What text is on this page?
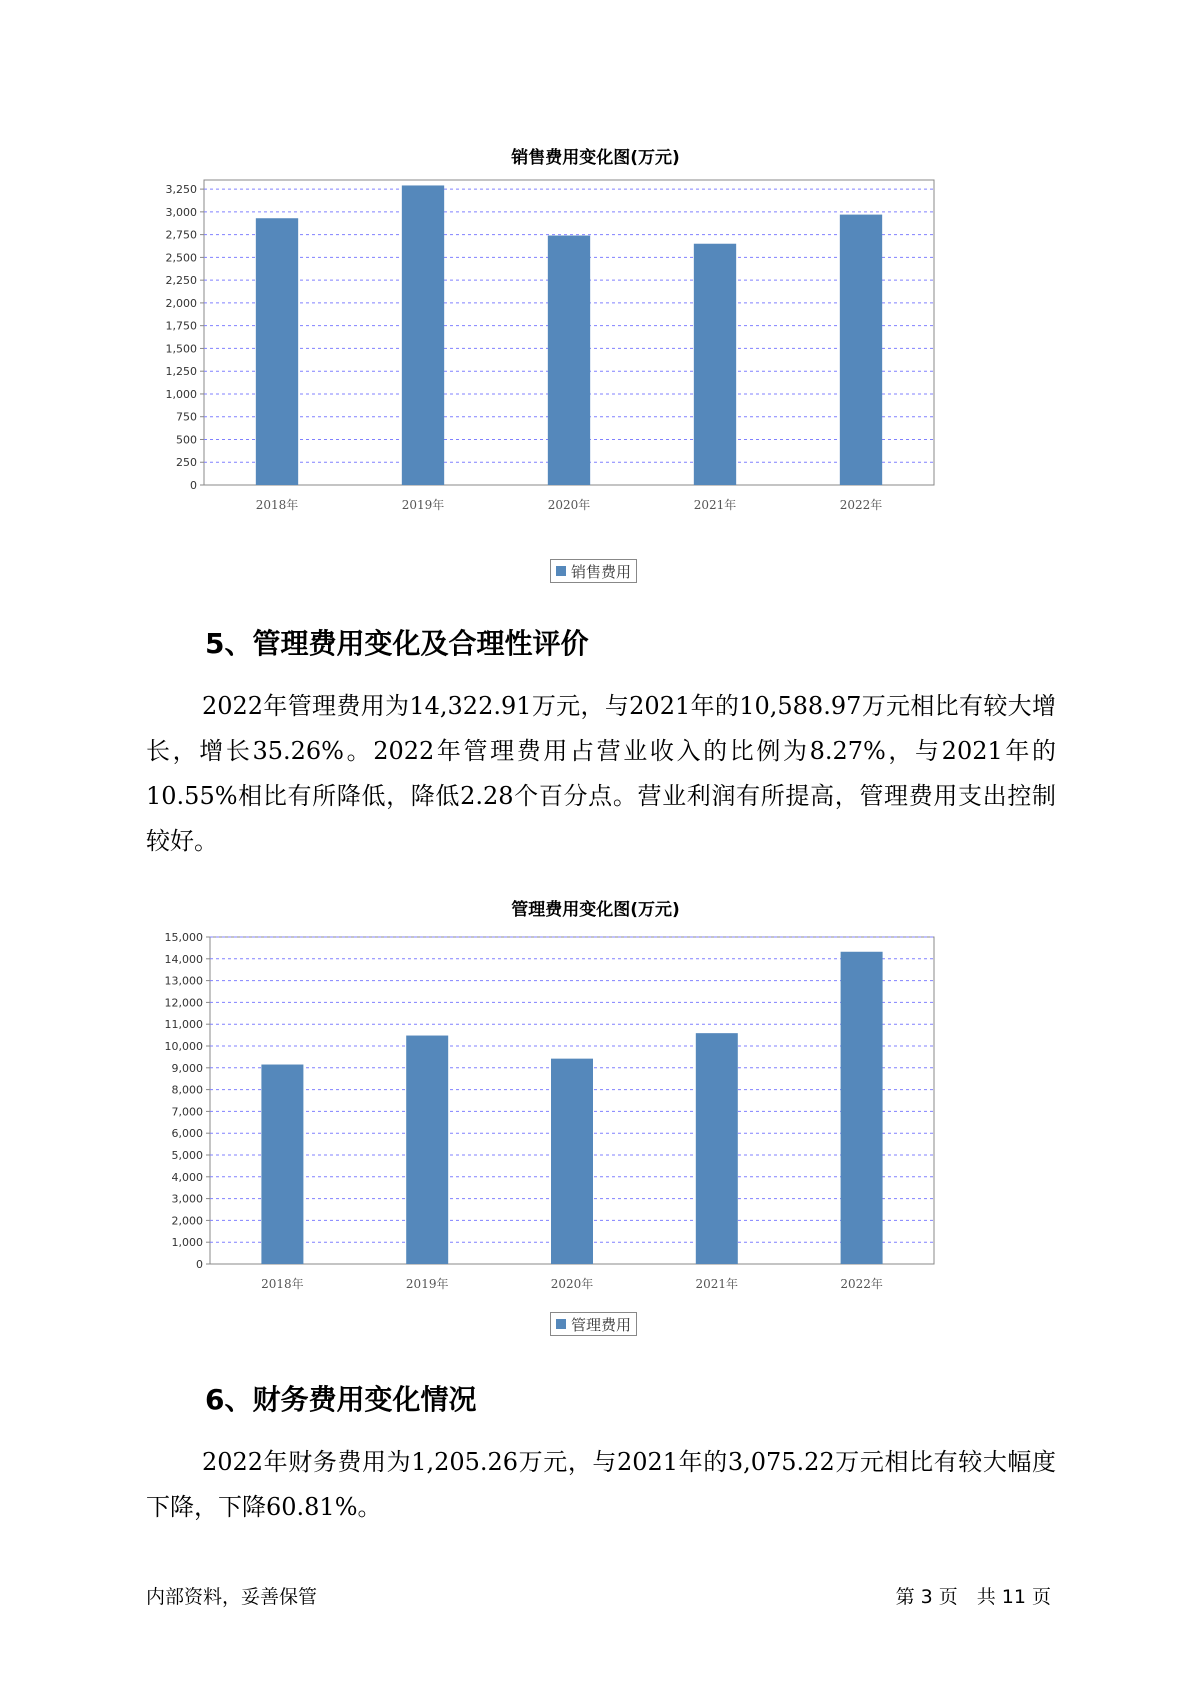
销售费用变化图(万元)
0
250
500
750
1,000
1,250
1,500
1,750
2,000
2,250
2,500
2,750
3,000
3,250
2018年	2019年	2020年	2021年	2022年
销售费用
5、管理费用变化及合理性评价

2022年管理费用为14,322.91万元，与2021年的10,588.97万元相比有较大增长，增长35.26%。2022年管理费用占营业收入的比例为8.27%，与2021年的10.55%相比有所降低，降低2.28个百分点。营业利润有所提高，管理费用支出控制较好。

管理费用变化图(万元)
0
1,000
2,000
3,000
4,000
5,000
6,000
7,000
8,000
9,000
10,000
11,000
12,000
13,000
14,000
15,000
2018年	2019年	2020年	2021年	2022年
管理费用
6、财务费用变化情况

2022年财务费用为1,205.26万元，与2021年的3,075.22万元相比有较大幅度下降，下降60.81%。

内部资料，妥善保管	第 3 页　共 11 页
